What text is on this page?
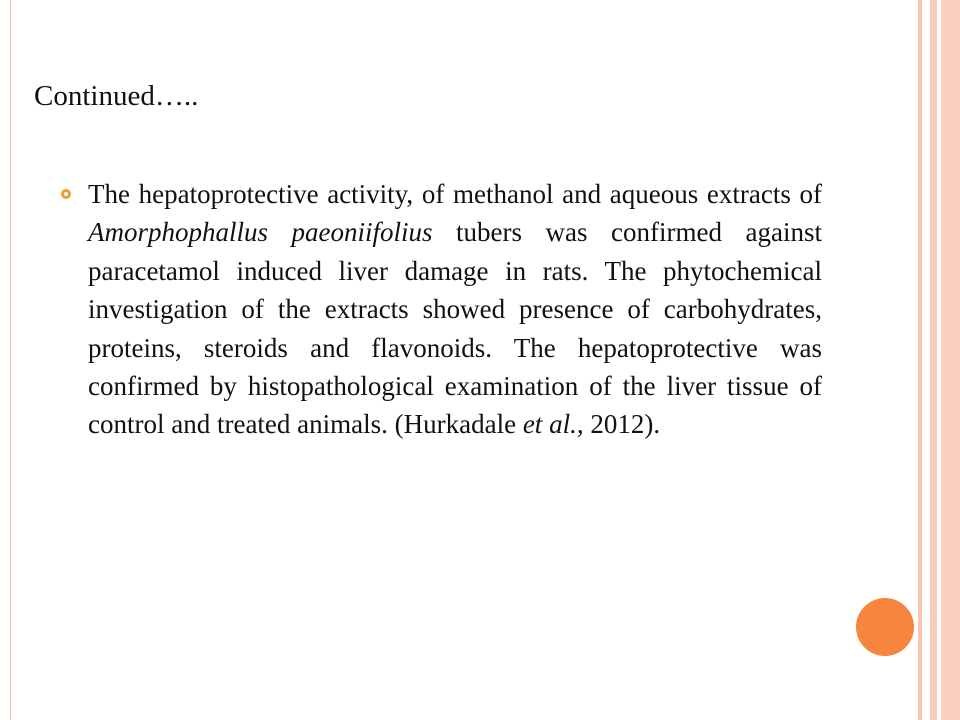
Continued…..
The hepatoprotective activity, of methanol and aqueous extracts of Amorphophallus paeoniifolius tubers was confirmed against paracetamol induced liver damage in rats. The phytochemical investigation of the extracts showed presence of carbohydrates, proteins, steroids and flavonoids. The hepatoprotective was confirmed by histopathological examination of the liver tissue of control and treated animals. (Hurkadale et al., 2012).
